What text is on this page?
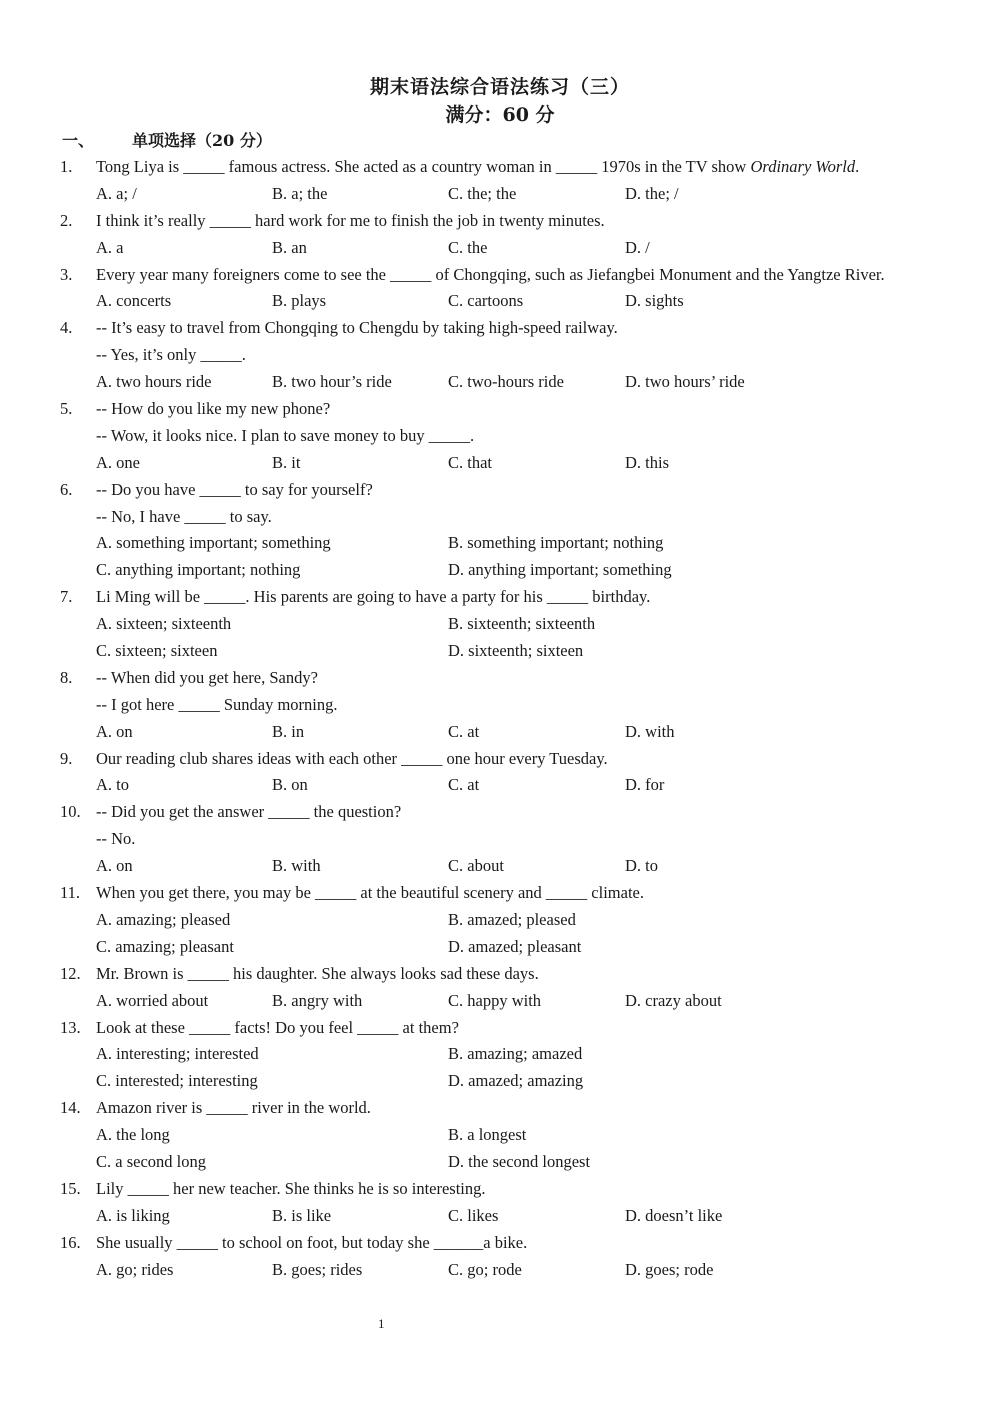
期末语法综合语法练习（三）
满分：60 分
一、 单项选择（20 分）
1. Tong Liya is _____ famous actress. She acted as a country woman in _____ 1970s in the TV show Ordinary World.
A. a; /	B. a; the	C. the; the	D. the; /
2. I think it’s really _____ hard work for me to finish the job in twenty minutes.
A. a	B. an	C. the	D. /
3. Every year many foreigners come to see the _____ of Chongqing, such as Jiefangbei Monument and the Yangtze River.
A. concerts	B. plays	C. cartoons	D. sights
4. -- It’s easy to travel from Chongqing to Chengdu by taking high-speed railway.
-- Yes, it’s only _____.
A. two hours ride	B. two hour’s ride	C. two-hours ride	D. two hours’ ride
5. -- How do you like my new phone?
-- Wow, it looks nice. I plan to save money to buy _____.
A. one	B. it	C. that	D. this
6. -- Do you have _____ to say for yourself?
-- No, I have _____ to say.
A. something important; something	B. something important; nothing
C. anything important; nothing	D. anything important; something
7. Li Ming will be _____. His parents are going to have a party for his _____ birthday.
A. sixteen; sixteenth	B. sixteenth; sixteenth
C. sixteen; sixteen	D. sixteenth; sixteen
8. -- When did you get here, Sandy?
-- I got here _____ Sunday morning.
A. on	B. in	C. at	D. with
9. Our reading club shares ideas with each other _____ one hour every Tuesday.
A. to	B. on	C. at	D. for
10. -- Did you get the answer _____ the question?
-- No.
A. on	B. with	C. about	D. to
11. When you get there, you may be _____ at the beautiful scenery and _____ climate.
A. amazing; pleased	B. amazed; pleased
C. amazing; pleasant	D. amazed; pleasant
12. Mr. Brown is _____ his daughter. She always looks sad these days.
A. worried about	B. angry with	C. happy with	D. crazy about
13. Look at these _____ facts! Do you feel _____ at them?
A. interesting; interested	B. amazing; amazed
C. interested; interesting	D. amazed; amazing
14. Amazon river is _____ river in the world.
A. the long	B. a longest
C. a second long	D. the second longest
15. Lily _____ her new teacher. She thinks he is so interesting.
A. is liking	B. is like	C. likes	D. doesn’t like
16. She usually _____ to school on foot, but today she ______a bike.
A. go; rides	B. goes; rides	C. go; rode	D. goes; rode
1
